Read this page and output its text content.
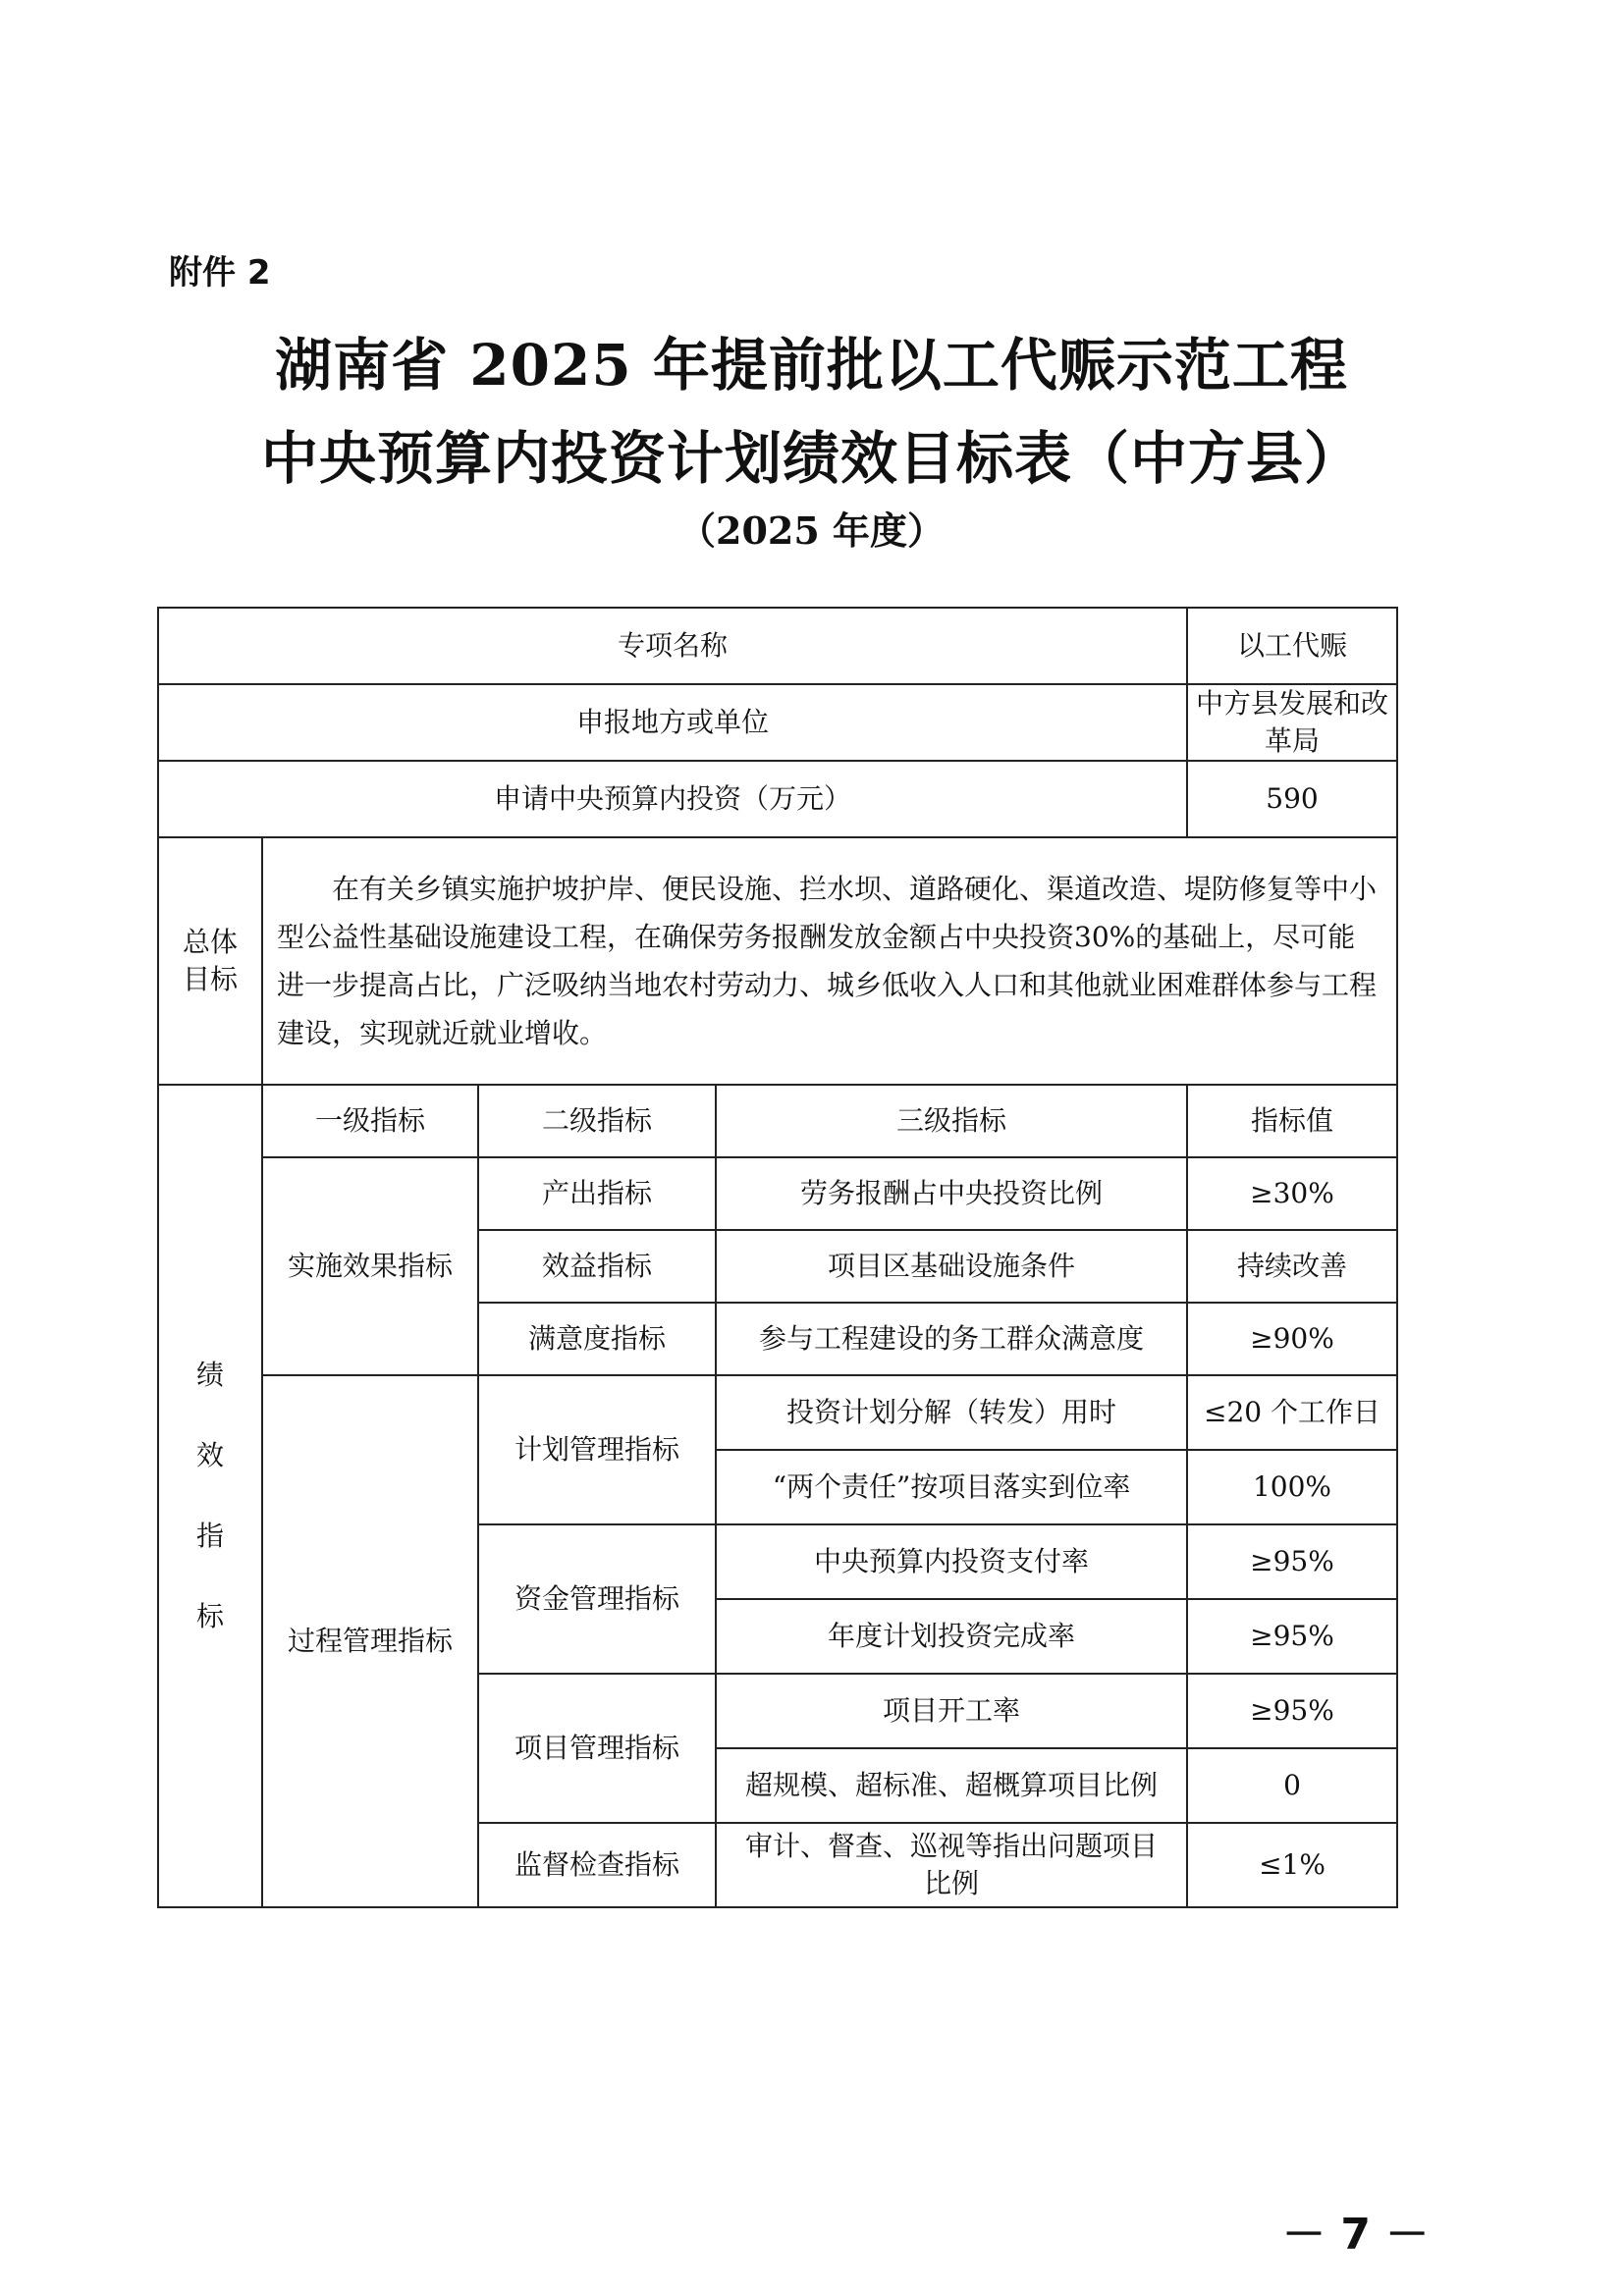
附件 2
湖南省 2025 年提前批以工代赈示范工程
中央预算内投资计划绩效目标表（中方县）
（2025 年度）
专项名称				以工代赈
申报地方或单位				中方县发展和改革局
申请中央预算内投资（万元）				590
总体
目标	在有关乡镇实施护坡护岸、便民设施、拦水坝、道路硬化、渠道改造、堤防修复等中小型公益性基础设施建设工程，在确保劳务报酬发放金额占中央投资30%的基础上，尽可能进一步提高占比，广泛吸纳当地农村劳动力、城乡低收入人口和其他就业困难群体参与工程建设，实现就近就业增收。			

绩
效
指
标	一级指标	二级指标	三级指标	指标值
	实施效果指标	产出指标	劳务报酬占中央投资比例	≥30%
		效益指标	项目区基础设施条件	持续改善
		满意度指标	参与工程建设的务工群众满意度	≥90%
	过程管理指标	计划管理指标	投资计划分解（转发）用时	≤20 个工作日
			“两个责任”按项目落实到位率	100%
		资金管理指标	中央预算内投资支付率	≥95%
			年度计划投资完成率	≥95%
		项目管理指标	项目开工率	≥95%
			超规模、超标准、超概算项目比例	0
		监督检查指标	审计、督查、巡视等指出问题项目比例	≤1%
－ 7 －
